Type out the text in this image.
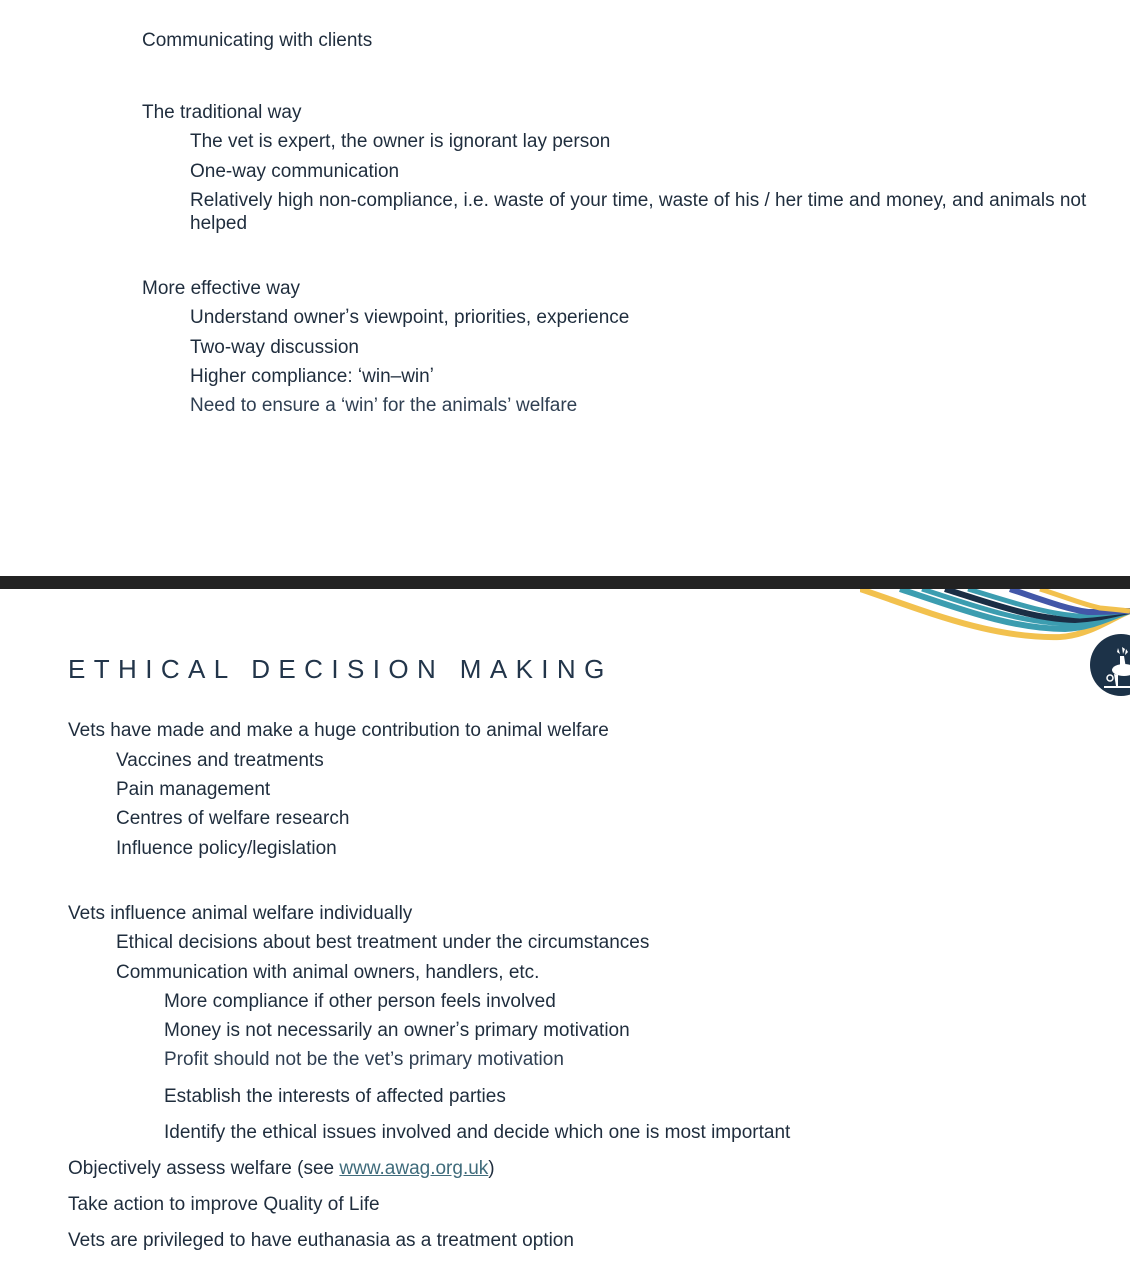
Communicating with clients
The traditional way
The vet is expert, the owner is ignorant lay person
One-way communication
Relatively high non-compliance, i.e. waste of your time, waste of his / her time and money, and animals not helped
More effective way
Understand ownerʼs viewpoint, priorities, experience
Two-way discussion
Higher compliance: ʻwin–winʼ
Need to ensure a ‘win’ for the animals’ welfare
ETHICAL DECISION MAKING
Vets have made and make a huge contribution to animal welfare
Vaccines and treatments
Pain management
Centres of welfare research
Influence policy/legislation
Vets influence animal welfare individually
Ethical decisions about best treatment under the circumstances
Communication with animal owners, handlers, etc.
More compliance if other person feels involved
Money is not necessarily an ownerʼs primary motivation
Profit should not be the vet’s primary motivation
Establish the interests of affected parties
Identify the ethical issues involved and decide which one is most important
Objectively assess welfare (see www.awag.org.uk)
Take action to improve Quality of Life
Vets are privileged to have euthanasia as a treatment option
